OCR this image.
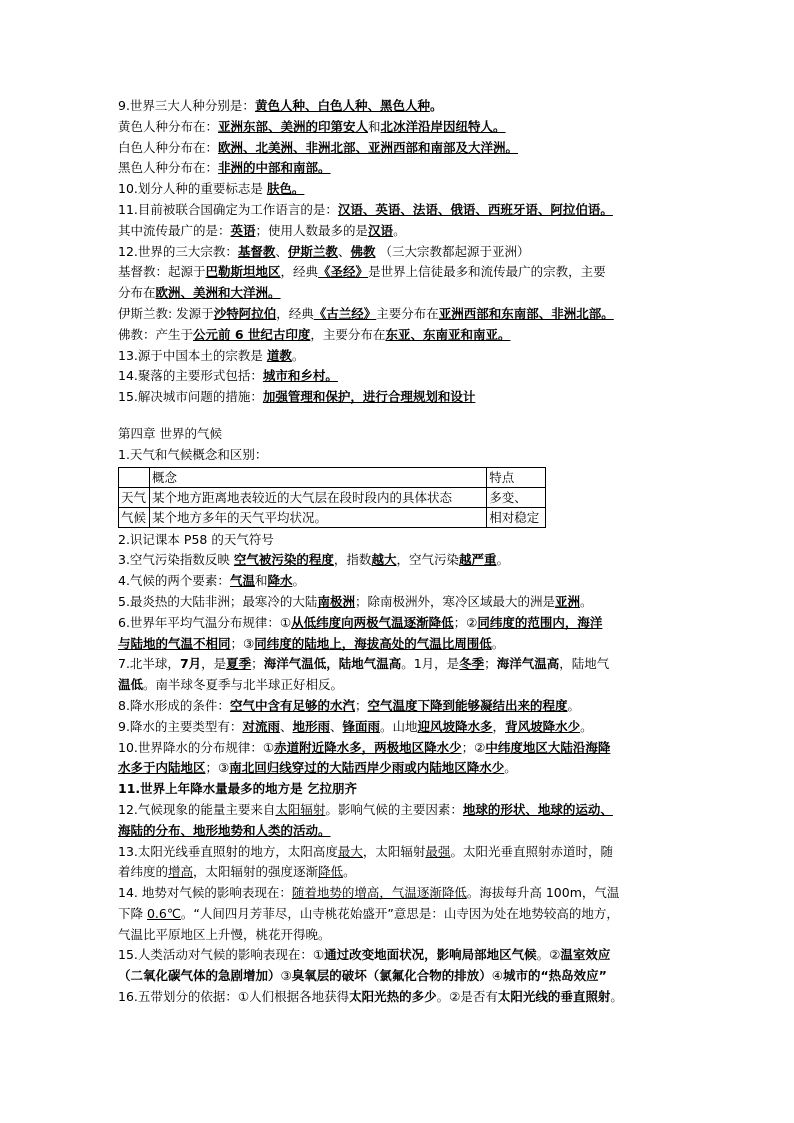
9.世界三大人种分别是：黄色人种、白色人种、黑色人种。
黄色人种分布在：亚洲东部、美洲的印第安人和北冰洋沿岸因纽特人。
白色人种分布在：欧洲、北美洲、非洲北部、亚洲西部和南部及大洋洲。
黑色人种分布在：非洲的中部和南部。
10.划分人种的重要标志是 肤色。
11.目前被联合国确定为工作语言的是：汉语、英语、法语、俄语、西班牙语、阿拉伯语。
其中流传最广的是：英语；使用人数最多的是汉语。
12.世界的三大宗教：基督教、伊斯兰教、佛教 （三大宗教都起源于亚洲）
基督教：起源于巴勒斯坦地区，经典《圣经》是世界上信徒最多和流传最广的宗教，主要
分布在欧洲、美洲和大洋洲。
伊斯兰教: 发源于沙特阿拉伯，经典《古兰经》主要分布在亚洲西部和东南部、非洲北部。
佛教：产生于公元前 6 世纪古印度，主要分布在东亚、东南亚和南亚。
13.源于中国本土的宗教是 道教。
14.聚落的主要形式包括：城市和乡村。
15.解决城市问题的措施：加强管理和保护，进行合理规划和设计
第四章 世界的气候
1.天气和气候概念和区别：
	概念	特点
天气	某个地方距离地表较近的大气层在段时段内的具体状态	多变、
气候	某个地方多年的天气平均状况。	相对稳定
2.识记课本 P58 的天气符号
3.空气污染指数反映 空气被污染的程度，指数越大，空气污染越严重。
4.气候的两个要素：气温和降水。
5.最炎热的大陆非洲；最寒冷的大陆南极洲；除南极洲外，寒冷区域最大的洲是亚洲。
6.世界年平均气温分布规律：①从低纬度向两极气温逐渐降低；②同纬度的范围内，海洋
与陆地的气温不相同；③同纬度的陆地上，海拔高处的气温比周围低。
7.北半球，7月，是夏季；海洋气温低，陆地气温高。1月，是冬季；海洋气温高，陆地气
温低。南半球冬夏季与北半球正好相反。
8.降水形成的条件：空气中含有足够的水汽；空气温度下降到能够凝结出来的程度。
9.降水的主要类型有：对流雨、地形雨、锋面雨。山地迎风坡降水多，背风坡降水少。
10.世界降水的分布规律：①赤道附近降水多，两极地区降水少；②中纬度地区大陆沿海降
水多于内陆地区；③南北回归线穿过的大陆西岸少雨或内陆地区降水少。
11.世界上年降水量最多的地方是 乞拉朋齐
12.气候现象的能量主要来自太阳辐射。影响气候的主要因素：地球的形状、地球的运动、
海陆的分布、地形地势和人类的活动。
13.太阳光线垂直照射的地方，太阳高度最大，太阳辐射最强。太阳光垂直照射赤道时，随
着纬度的增高，太阳辐射的强度逐渐降低。
14. 地势对气候的影响表现在：随着地势的增高，气温逐渐降低。海拔每升高 100m，气温
下降 0.6℃。“人间四月芳菲尽，山寺桃花始盛开”意思是：山寺因为处在地势较高的地方，
气温比平原地区上升慢，桃花开得晚。
15.人类活动对气候的影响表现在：①通过改变地面状况，影响局部地区气候。②温室效应
（二氧化碳气体的急剧增加）③臭氧层的破坏（氯氟化合物的排放）④城市的“热岛效应”
16.五带划分的依据：①人们根据各地获得太阳光热的多少。②是否有太阳光线的垂直照射。
